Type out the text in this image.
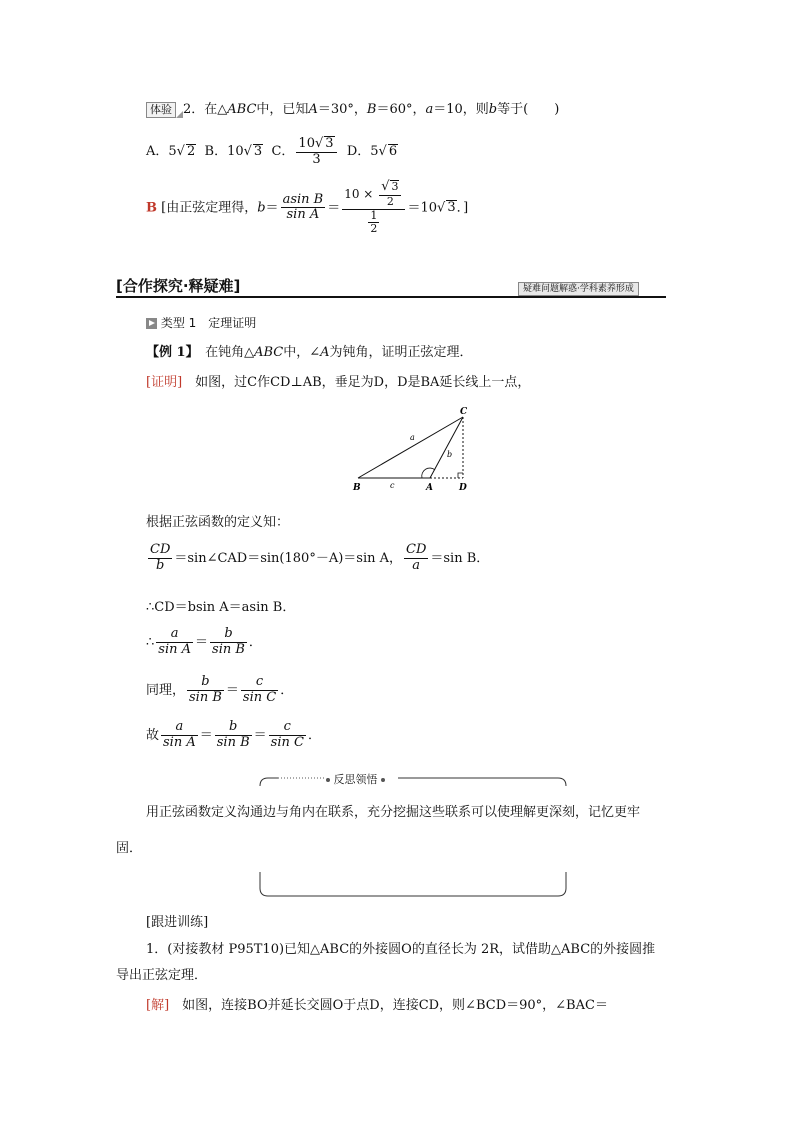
体验 2．在△ABC中，已知A＝30°，B＝60°，a＝10，则b等于(　　)
A．5√ 2 B．10√ 3 C． $\frac{10√ 3}{3}$ D．5√ 6
B [由正弦定理得，$b= \frac{\text{asin B}}{\text{sin A}} = \frac{10 \times \frac{√ 3}{2}}{\frac{1}{2}} =10√$ 3．]
[合作探究·释疑难]	疑难问题解惑·学科素养形成
类型 1　定理证明
【例 1】　在钝角△ABC中，∠A为钝角，证明正弦定理．
[证明]　如图，过C作CD⊥AB，垂足为D，D是BA延长线上一点，
B	c	A	D
C
a
b
根据正弦函数的定义知：
$\frac{CD}{b}$ ＝sin∠CAD＝sin(180°－A)＝sin A， $\frac{CD}{a} =\sin$ B．
∴CD＝bsin A＝asin B．
∴ $\frac{a}{\text{sin A}} = \frac{b}{\text{sin B}}$ ．
同理， $\frac{b}{\text{sin B}} = \frac{c}{\text{sin C}}$ ．
故 $\frac{a}{\text{sin A}} = \frac{b}{\text{sin B}} = \frac{c}{\text{sin C}}$ ．
反思领悟
用正弦函数定义沟通边与角内在联系，充分挖掘这些联系可以使理解更深刻，记忆更牢
固．
[跟进训练]
1．(对接教材 P95T10)已知△ABC的外接圆O的直径长为 2R，试借助△ABC的外接圆推
导出正弦定理．
[解]　如图，连接BO并延长交圆O于点D，连接CD，则∠BCD＝90°，∠BAC＝
